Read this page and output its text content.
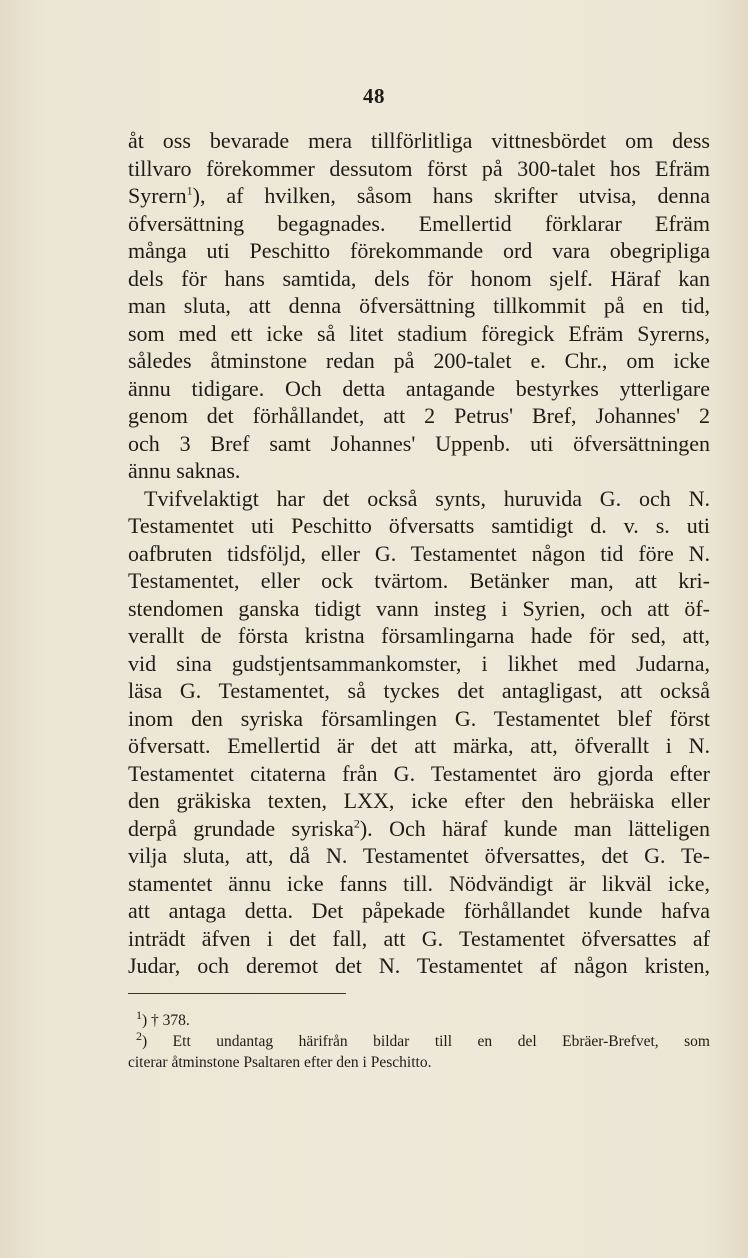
48
åt oss bevarade mera tillförlitliga vittnesbördet om dess
tillvaro förekommer dessutom först på 300-talet hos Efräm
Syrern$^1$), af hvilken, såsom hans skrifter utvisa, denna
öfversättning begagnades. Emellertid förklarar Efräm
många uti Peschitto förekommande ord vara obegripliga
dels för hans samtida, dels för honom sjelf. Häraf kan
man sluta, att denna öfversättning tillkommit på en tid,
som med ett icke så litet stadium föregick Efräm Syrerns,
således åtminstone redan på 200-talet e. Chr., om icke
ännu tidigare. Och detta antagande bestyrkes ytterligare
genom det förhållandet, att 2 Petrus' Bref, Johannes' 2
och 3 Bref samt Johannes' Uppenb. uti öfversättningen
ännu saknas.
Tvifvelaktigt har det också synts, huruvida G. och N.
Testamentet uti Peschitto öfversatts samtidigt d. v. s. uti
oafbruten tidsföljd, eller G. Testamentet någon tid före N.
Testamentet, eller ock tvärtom. Betänker man, att kri-
stendomen ganska tidigt vann insteg i Syrien, och att öf-
verallt de första kristna församlingarna hade för sed, att,
vid sina gudstjentsammankomster, i likhet med Judarna,
läsa G. Testamentet, så tyckes det antagligast, att också
inom den syriska församlingen G. Testamentet blef först
öfversatt. Emellertid är det att märka, att, öfverallt i N.
Testamentet citaterna från G. Testamentet äro gjorda efter
den gräkiska texten, LXX, icke efter den hebräiska eller
derpå grundade syriska$^2$). Och häraf kunde man lätteligen
vilja sluta, att, då N. Testamentet öfversattes, det G. Te-
stamentet ännu icke fanns till. Nödvändigt är likväl icke,
att antaga detta. Det påpekade förhållandet kunde hafva
inträdt äfven i det fall, att G. Testamentet öfversattes af
Judar, och deremot det N. Testamentet af någon kristen,
$^1$) † 378.
$^2$) Ett undantag härifrån bildar till en del Ebräer-Brefvet, som
citerar åtminstone Psaltaren efter den i Peschitto.
